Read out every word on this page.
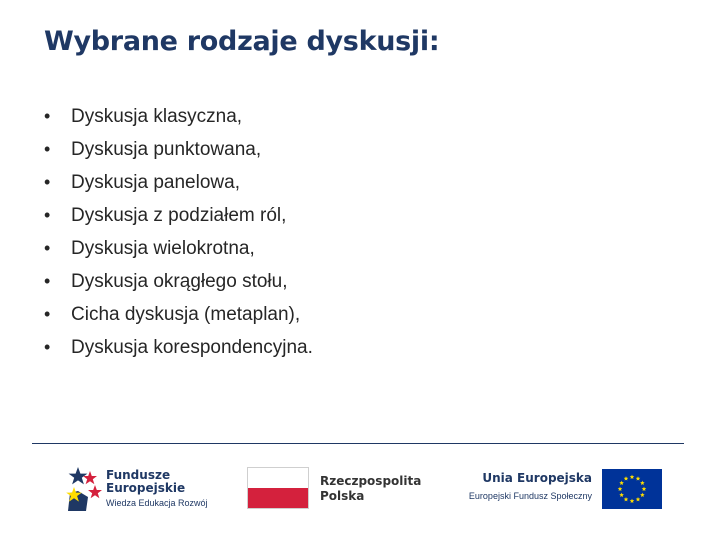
Wybrane rodzaje dyskusji:
•	Dyskusja klasyczna,
•	Dyskusja punktowana,
•	Dyskusja panelowa,
•	Dyskusja z podziałem ról,
•	Dyskusja wielokrotna,
•	Dyskusja okrągłego stołu,
•	Cicha dyskusja (metaplan),
•	Dyskusja korespondencyjna.
Fundusze
Europejskie
Wiedza Edukacja Rozwój
Rzeczpospolita
Polska
Unia Europejska
Europejski Fundusz Społeczny
